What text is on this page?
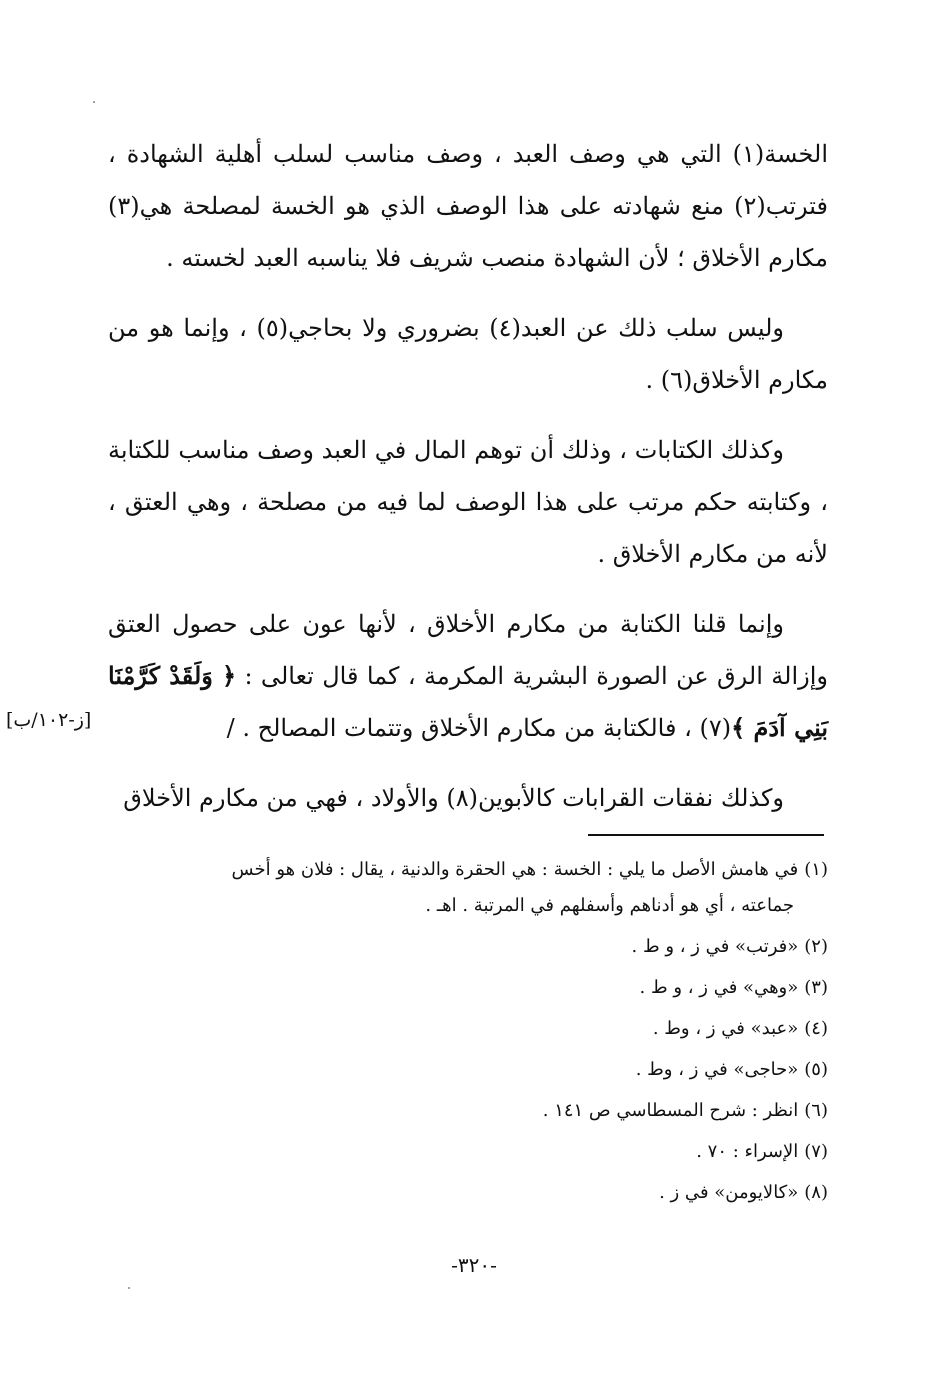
الخسة(١) التي هي وصف العبد ، وصف مناسب لسلب أهلية الشهادة ، فترتب(٢) منع شهادته على هذا الوصف الذي هو الخسة لمصلحة هي(٣) مكارم الأخلاق ؛ لأن الشهادة منصب شريف فلا يناسبه العبد لخسته .

وليس سلب ذلك عن العبد(٤) بضروري ولا بحاجي(٥) ، وإنما هو من مكارم الأخلاق(٦) .

وكذلك الكتابات ، وذلك أن توهم المال في العبد وصف مناسب للكتابة ، وكتابته حكم مرتب على هذا الوصف لما فيه من مصلحة ، وهي العتق ، لأنه من مكارم الأخلاق .

وإنما قلنا الكتابة من مكارم الأخلاق ، لأنها عون على حصول العتق وإزالة الرق عن الصورة البشرية المكرمة ، كما قال تعالى : ﴿ وَلَقَدْ كَرَّمْنَا بَنِي آدَمَ ﴾(٧) ، فالكتابة من مكارم الأخلاق وتتمات المصالح . /

وكذلك نفقات القرابات كالأبوين(٨) والأولاد ، فهي من مكارم الأخلاق

[ز-١٠٢/ب]
(١)في هامش الأصل ما يلي : الخسة : هي الحقرة والدنية ، يقال : فلان هو أخس
جماعته ، أي هو أدناهم وأسفلهم في المرتبة . اهـ .
(٢)«فرتب» في ز ، و ط .
(٣)«وهي» في ز ، و ط .
(٤)«عبد» في ز ، وط .
(٥)«حاجى» في ز ، وط .
(٦)انظر : شرح المسطاسي ص ١٤١ .
(٧)الإسراء : ٧٠ .
(٨)«كالايومن» في ز .
-٣٢٠-
